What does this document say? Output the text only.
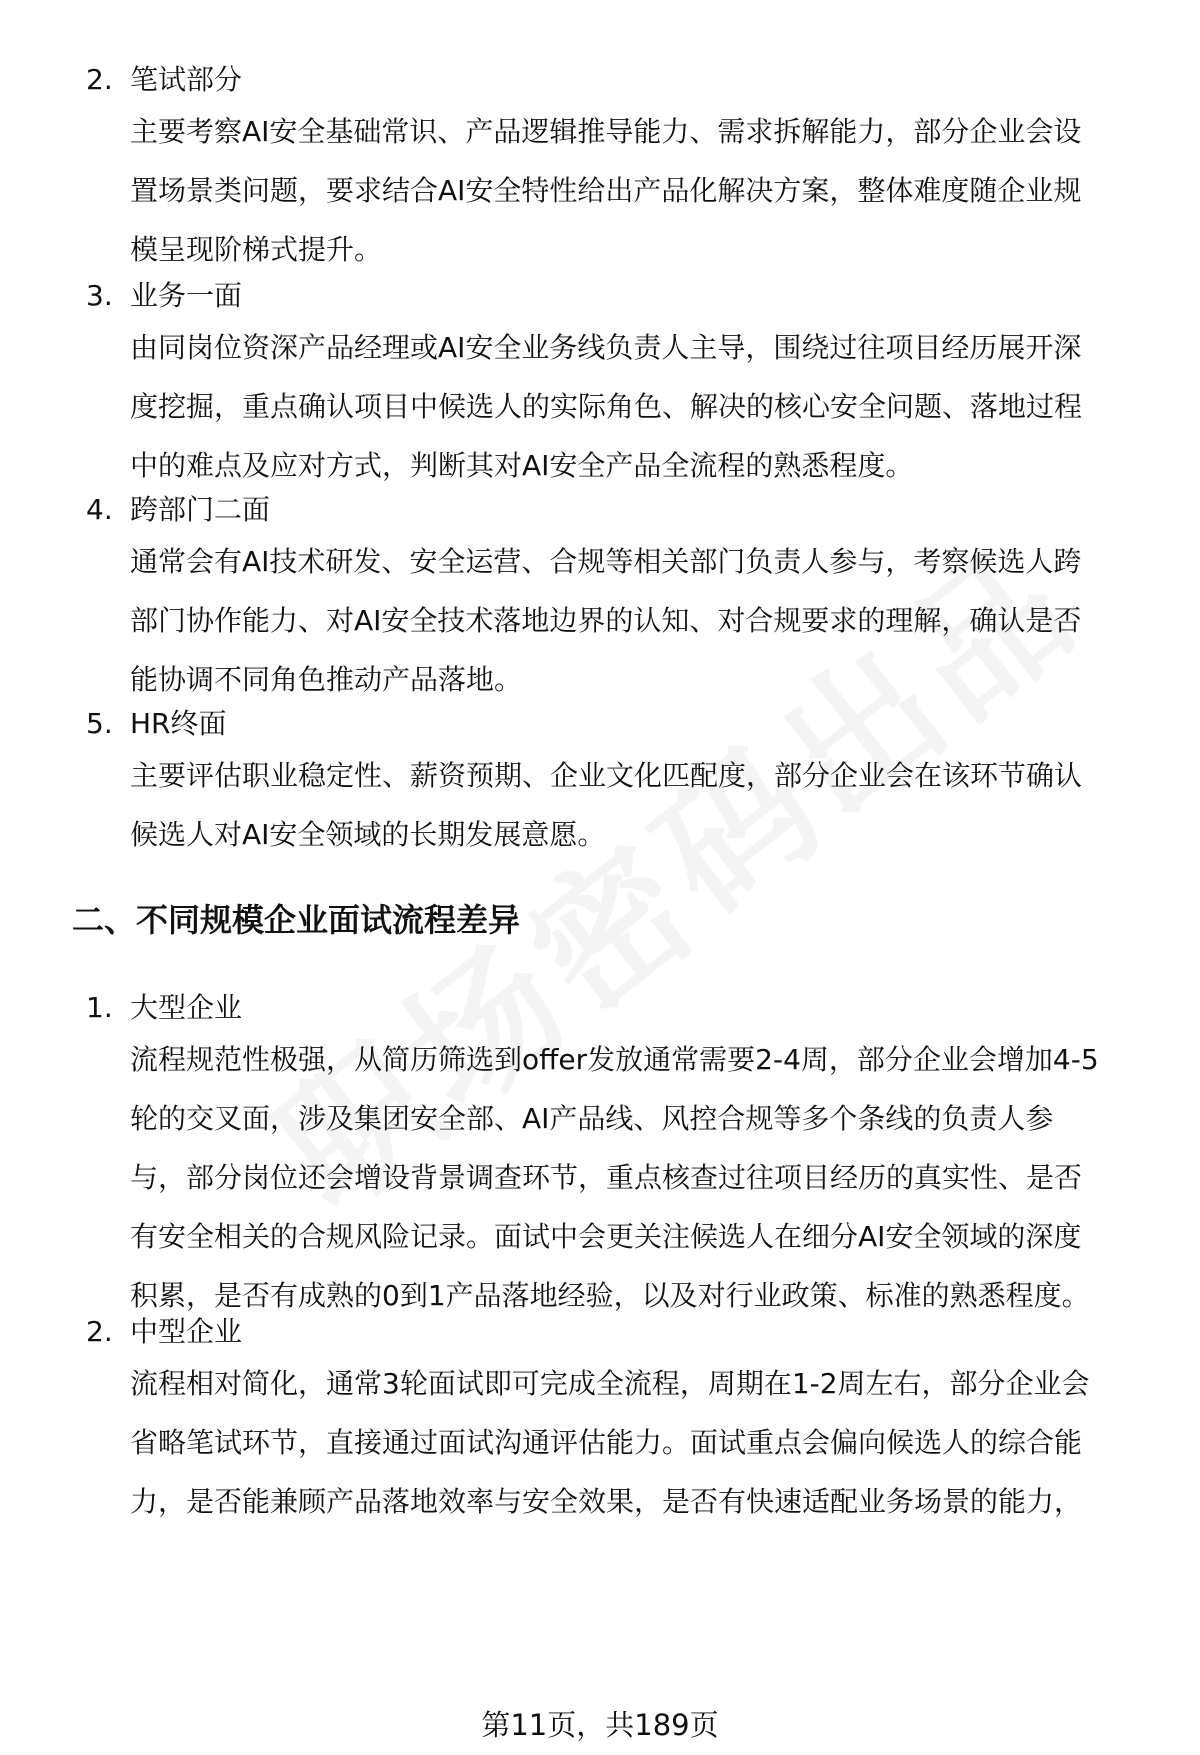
2. 笔试部分
主要考察AI安全基础常识、产品逻辑推导能力、需求拆解能力，部分企业会设
置场景类问题，要求结合AI安全特性给出产品化解决方案，整体难度随企业规
模呈现阶梯式提升。
3. 业务一面
由同岗位资深产品经理或AI安全业务线负责人主导，围绕过往项目经历展开深
度挖掘，重点确认项目中候选人的实际角色、解决的核心安全问题、落地过程
中的难点及应对方式，判断其对AI安全产品全流程的熟悉程度。
4. 跨部门二面
通常会有AI技术研发、安全运营、合规等相关部门负责人参与，考察候选人跨
部门协作能力、对AI安全技术落地边界的认知、对合规要求的理解，确认是否
能协调不同角色推动产品落地。
5. HR终面
主要评估职业稳定性、薪资预期、企业文化匹配度，部分企业会在该环节确认
候选人对AI安全领域的长期发展意愿。
二、不同规模企业面试流程差异
1. 大型企业
流程规范性极强，从简历筛选到offer发放通常需要2-4周，部分企业会增加4-5
轮的交叉面，涉及集团安全部、AI产品线、风控合规等多个条线的负责人参
与，部分岗位还会增设背景调查环节，重点核查过往项目经历的真实性、是否
有安全相关的合规风险记录。面试中会更关注候选人在细分AI安全领域的深度
积累，是否有成熟的0到1产品落地经验，以及对行业政策、标准的熟悉程度。
2. 中型企业
流程相对简化，通常3轮面试即可完成全流程，周期在1-2周左右，部分企业会
省略笔试环节，直接通过面试沟通评估能力。面试重点会偏向候选人的综合能
力，是否能兼顾产品落地效率与安全效果，是否有快速适配业务场景的能力，
第11页，共189页
